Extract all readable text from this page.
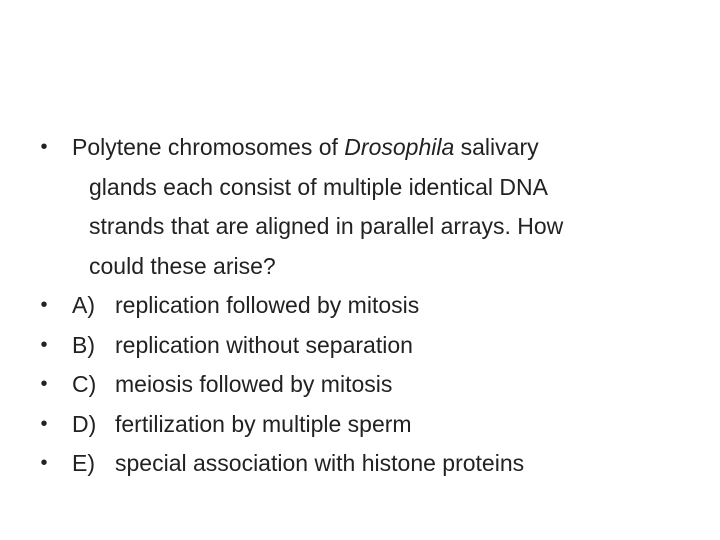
• Polytene chromosomes of Drosophila salivary
glands each consist of multiple identical DNA
strands that are aligned in parallel arrays. How
could these arise?
• A) replication followed by mitosis
• B) replication without separation
• C) meiosis followed by mitosis
• D) fertilization by multiple sperm
• E) special association with histone proteins
